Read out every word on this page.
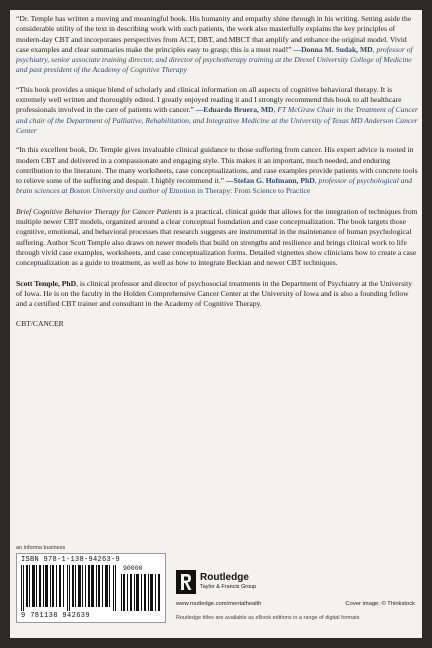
“Dr. Temple has written a moving and meaningful book. His humanity and empathy shine through in his writing. Setting aside the considerable utility of the text in describing work with such patients, the work also masterfully explains the key principles of modern-day CBT and incorporates perspectives from ACT, DBT, and MBCT that amplify and enhance the original model. Vivid case examples and clear summaries make the principles easy to grasp; this is a must read!” —Donna M. Sudak, MD, professor of psychiatry, senior associate training director, and director of psychotherapy training at the Drexel University College of Medicine and past president of the Academy of Cognitive Therapy
“This book provides a unique blend of scholarly and clinical information on all aspects of cognitive behavioral therapy. It is extremely well written and thoroughly edited. I greatly enjoyed reading it and I strongly recommend this book to all healthcare professionals involved in the care of patients with cancer.” —Eduardo Bruera, MD, FT McGraw Chair in the Treatment of Cancer and chair of the Department of Palliative, Rehabilitation, and Integrative Medicine at the University of Texas MD Anderson Cancer Center
“In this excellent book, Dr. Temple gives invaluable clinical guidance to those suffering from cancer. His expert advice is rooted in modern CBT and delivered in a compassionate and engaging style. This makes it an important, much needed, and enduring contribution to the literature. The many worksheets, case conceptualizations, and case examples provide patients with concrete tools to relieve some of the suffering and despair. I highly recommend it.” —Stefan G. Hofmann, PhD, professor of psychological and brain sciences at Boston University and author of Emotion in Therapy: From Science to Practice
Brief Cognitive Behavior Therapy for Cancer Patients is a practical, clinical guide that allows for the integration of techniques from multiple newer CBT models, organized around a clear conceptual foundation and case conceptualization. The book targets those cognitive, emotional, and behavioral processes that research suggests are instrumental in the maintenance of human psychological suffering. Author Scott Temple also draws on newer models that build on strengths and resilience and brings clinical work to life through vivid case examples, worksheets, and case conceptualization forms. Detailed vignettes show clinicians how to create a case conceptualization as a guide to treatment, as well as how to integrate Beckian and newer CBT techniques.
Scott Temple, PhD, is clinical professor and director of psychosocial treatments in the Department of Psychiatry at the University of Iowa. He is on the faculty in the Holden Comprehensive Cancer Center at the University of Iowa and is also a founding fellow and a certified CBT trainer and consultant in the Academy of Cognitive Therapy.
CBT/CANCER
an informa business
ISBN 978-1-138-94263-9
90000
9 781138 942639
Routledge
Taylor & Francis Group
www.routledge.com/mentalhealth	Cover image: © Thinkstock
Routledge titles are available as eBook editions in a range of digital formats
